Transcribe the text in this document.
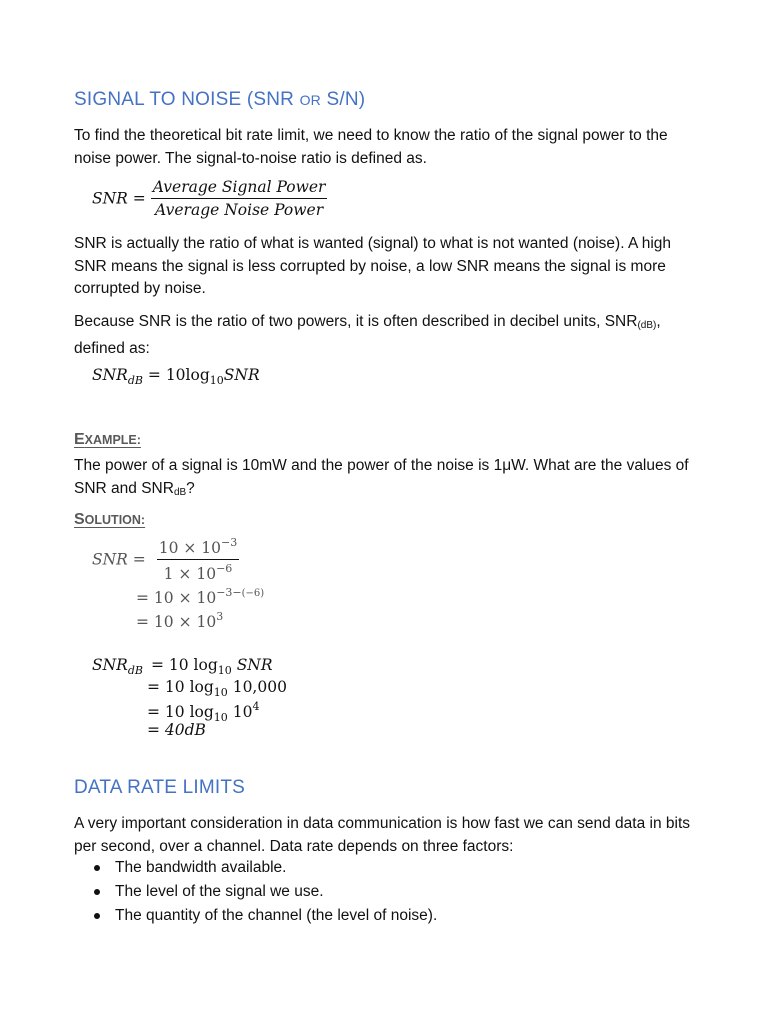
SIGNAL TO NOISE (SNR OR S/N)

To find the theoretical bit rate limit, we need to know the ratio of the signal power to the noise power. The signal-to-noise ratio is defined as.

SNR = $\frac{\text{Average Signal Power}}{\text{Average Noise Power}}$

SNR is actually the ratio of what is wanted (signal) to what is not wanted (noise). A high SNR means the signal is less corrupted by noise, a low SNR means the signal is more corrupted by noise.

Because SNR is the ratio of two powers, it is often described in decibel units, $SNR_{(dB)}$, defined as:

$SNR_{dB} = 10\log_{10}SNR$
EXAMPLE:

The power of a signal is 10mW and the power of the noise is 1μW. What are the values of SNR and $SNR_{dB}$?

SOLUTION:
SNR = $\frac{10 \times 10^{-3}}{1 \times 10^{-6}}$
= $10 \times 10^{-3-(-6)}$
= $10 \times 10^3$
$SNR_{dB} = 10$ $\log_{10}$ SNR
= 10 $\log_{10} 10,000$
= 10 $\log_{10} 10^4$
= 40dB
DATA RATE LIMITS

A very important consideration in data communication is how fast we can send data in bits per second, over a channel. Data rate depends on three factors:

The bandwidth available.
The level of the signal we use.
The quantity of the channel (the level of noise).
